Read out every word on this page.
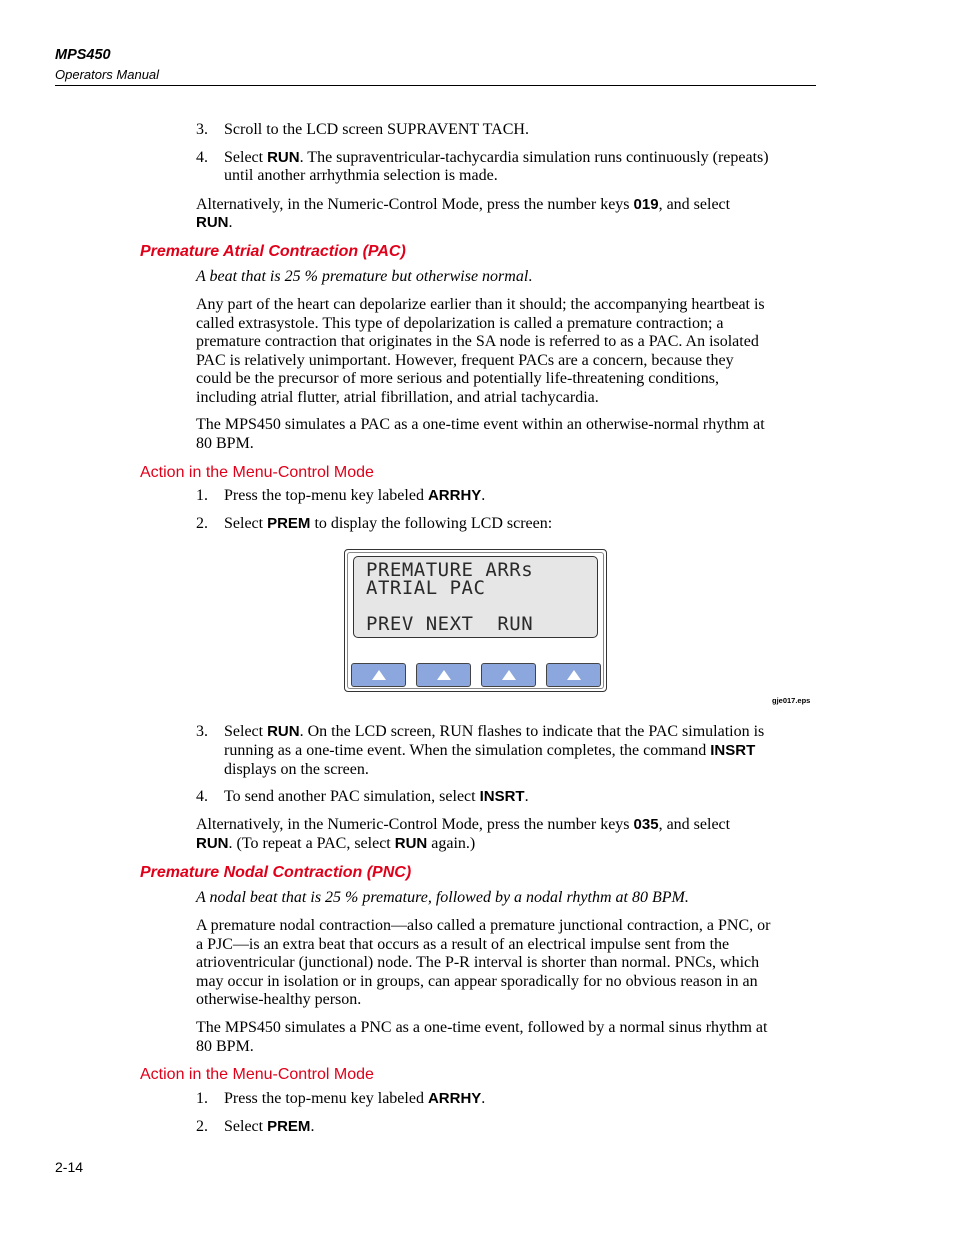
MPS450
Operators Manual
3.	Scroll to the LCD screen SUPRAVENT TACH.
4.	Select RUN. The supraventricular-tachycardia simulation runs continuously (repeats)
until another arrhythmia selection is made.
Alternatively, in the Numeric-Control Mode, press the number keys 019, and select
RUN.
Premature Atrial Contraction (PAC)
A beat that is 25 % premature but otherwise normal.
Any part of the heart can depolarize earlier than it should; the accompanying heartbeat is
called extrasystole. This type of depolarization is called a premature contraction; a
premature contraction that originates in the SA node is referred to as a PAC. An isolated
PAC is relatively unimportant. However, frequent PACs are a concern, because they
could be the precursor of more serious and potentially life-threatening conditions,
including atrial flutter, atrial fibrillation, and atrial tachycardia.
The MPS450 simulates a PAC as a one-time event within an otherwise-normal rhythm at
80 BPM.
Action in the Menu-Control Mode
1.	Press the top-menu key labeled ARRHY.
2.	Select PREM to display the following LCD screen:
PREMATURE ARRs
ATRIAL PAC
PREV NEXT  RUN
gje017.eps
3.	Select RUN. On the LCD screen, RUN flashes to indicate that the PAC simulation is
running as a one-time event. When the simulation completes, the command INSRT
displays on the screen.
4.	To send another PAC simulation, select INSRT.
Alternatively, in the Numeric-Control Mode, press the number keys 035, and select
RUN. (To repeat a PAC, select RUN again.)
Premature Nodal Contraction (PNC)
A nodal beat that is 25 % premature, followed by a nodal rhythm at 80 BPM.
A premature nodal contraction—also called a premature junctional contraction, a PNC, or
a PJC—is an extra beat that occurs as a result of an electrical impulse sent from the
atrioventricular (junctional) node. The P-R interval is shorter than normal. PNCs, which
may occur in isolation or in groups, can appear sporadically for no obvious reason in an
otherwise-healthy person.
The MPS450 simulates a PNC as a one-time event, followed by a normal sinus rhythm at
80 BPM.
Action in the Menu-Control Mode
1.	Press the top-menu key labeled ARRHY.
2.	Select PREM.
2-14
